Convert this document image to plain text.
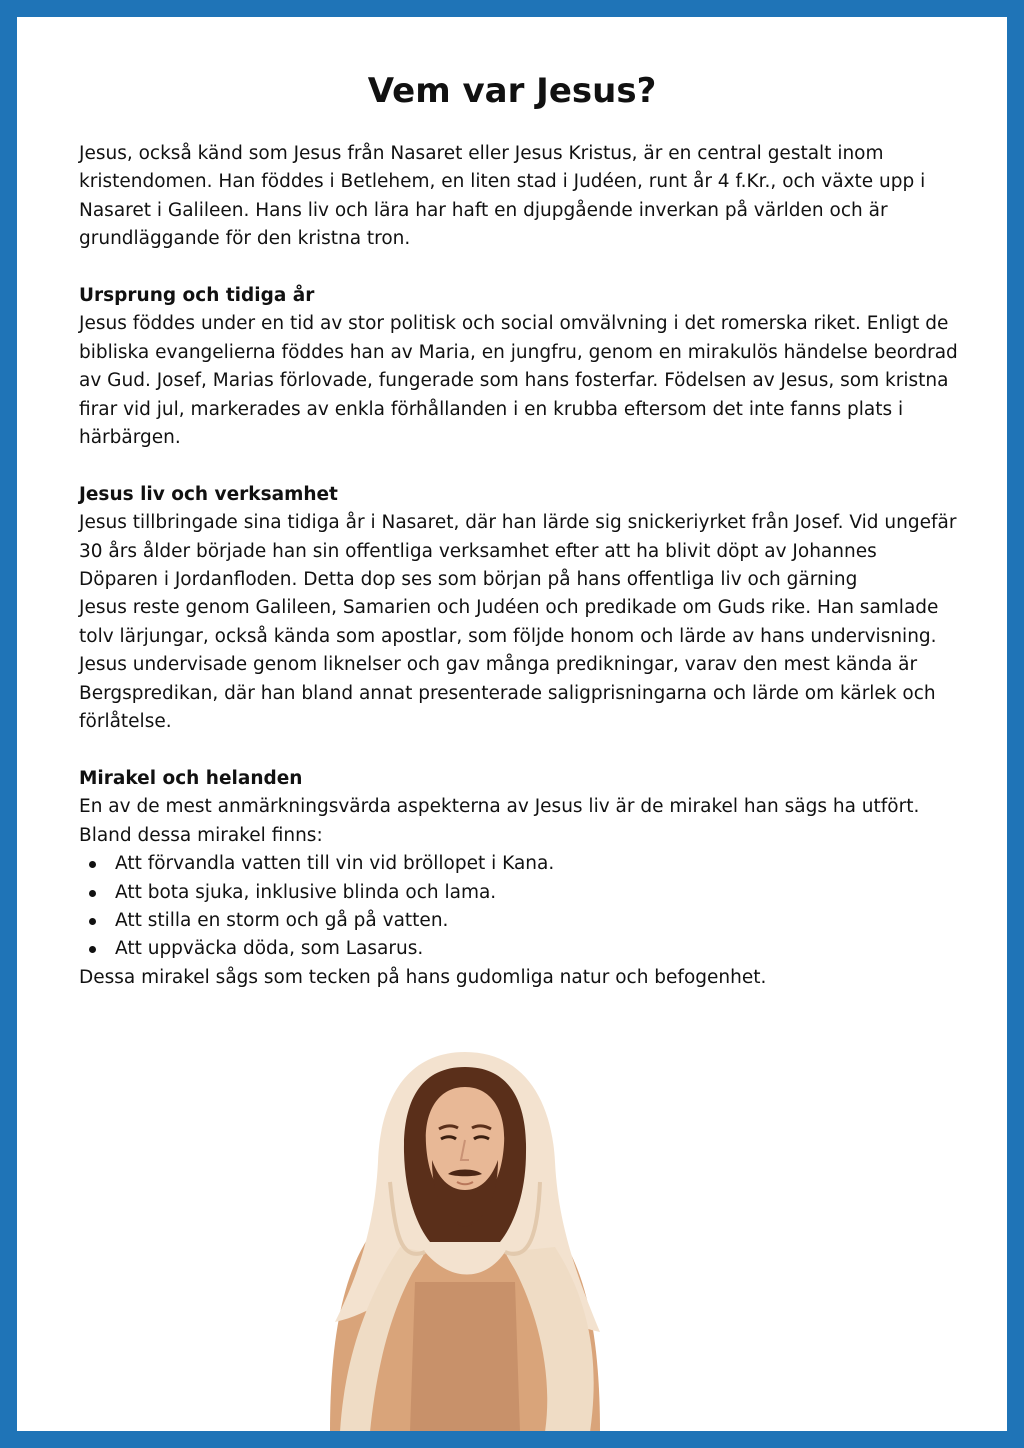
Vem var Jesus?

Jesus, också känd som Jesus från Nasaret eller Jesus Kristus, är en central gestalt inom kristendomen. Han föddes i Betlehem, en liten stad i Judéen, runt år 4 f.Kr., och växte upp i Nasaret i Galileen. Hans liv och lära har haft en djupgående inverkan på världen och är grundläggande för den kristna tron.

Ursprung och tidiga år

Jesus föddes under en tid av stor politisk och social omvälvning i det romerska riket. Enligt de bibliska evangelierna föddes han av Maria, en jungfru, genom en mirakulös händelse beordrad av Gud. Josef, Marias förlovade, fungerade som hans fosterfar. Födelsen av Jesus, som kristna firar vid jul, markerades av enkla förhållanden i en krubba eftersom det inte fanns plats i härbärgen.

Jesus liv och verksamhet

Jesus tillbringade sina tidiga år i Nasaret, där han lärde sig snickeriyrket från Josef. Vid ungefär 30 års ålder började han sin offentliga verksamhet efter att ha blivit döpt av Johannes Döparen i Jordanfloden. Detta dop ses som början på hans offentliga liv och gärning

Jesus reste genom Galileen, Samarien och Judéen och predikade om Guds rike. Han samlade tolv lärjungar, också kända som apostlar, som följde honom och lärde av hans undervisning. Jesus undervisade genom liknelser och gav många predikningar, varav den mest kända är Bergspredikan, där han bland annat presenterade saligprisningarna och lärde om kärlek och förlåtelse.

Mirakel och helanden

En av de mest anmärkningsvärda aspekterna av Jesus liv är de mirakel han sägs ha utfört. Bland dessa mirakel finns:

Att förvandla vatten till vin vid bröllopet i Kana.
Att bota sjuka, inklusive blinda och lama.
Att stilla en storm och gå på vatten.
Att uppväcka döda, som Lasarus.

Dessa mirakel sågs som tecken på hans gudomliga natur och befogenhet.
